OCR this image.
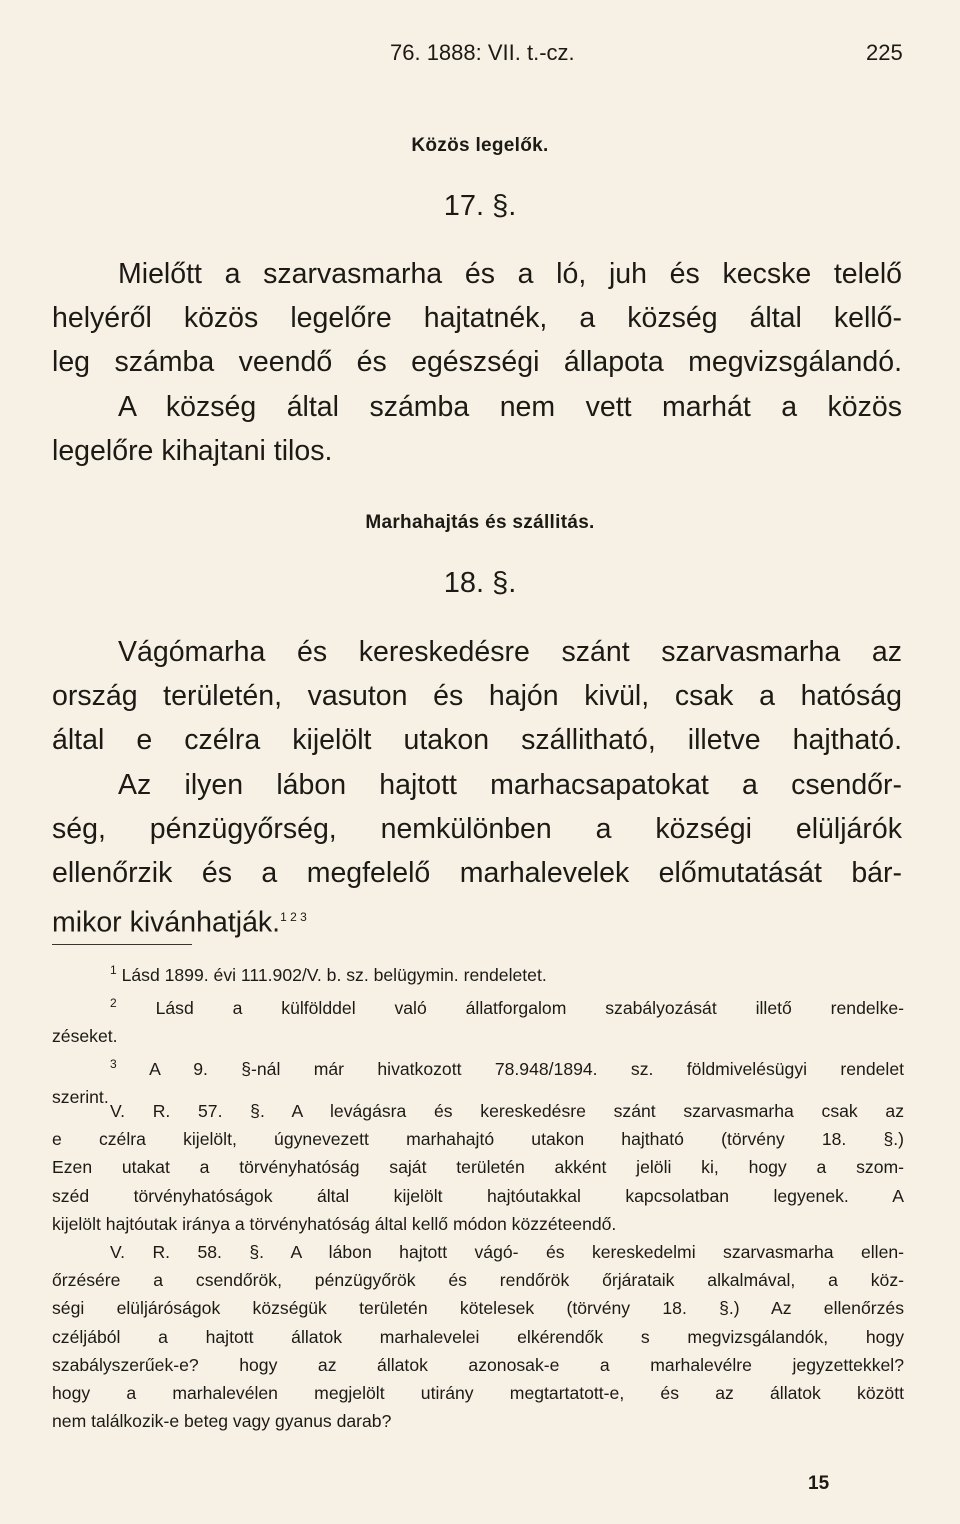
76. 1888: VII. t.-cz.	225
Közös legelők.
17. §.
Mielőtt a szarvasmarha és a ló, juh és kecske telelő
helyéről közös legelőre hajtatnék, a község által kellő-
leg számba veendő és egészségi állapota megvizsgálandó.
A község által számba nem vett marhát a közös
legelőre kihajtani tilos.
Marhahajtás és szállitás.
18. §.
Vágómarha és kereskedésre szánt szarvasmarha az
ország területén, vasuton és hajón kivül, csak a hatóság
által e czélra kijelölt utakon szállitható, illetve hajtható.
Az ilyen lábon hajtott marhacsapatokat a csendőr-
ség, pénzügyőrség, nemkülönben a községi elüljárók
ellenőrzik és a megfelelő marhalevelek előmutatását bár-
mikor kivánhatják.$^{1 2 3}$
$^1$ Lásd 1899. évi 111.902/V. b. sz. belügymin. rendeletet.
$^2$ Lásd a külfölddel való állatforgalom szabályozását illető rendelke-
zéseket.
$^3$ A 9. §-nál már hivatkozott 78.948/1894. sz. földmivelésügyi rendelet
szerint.
V. R. 57. §. A levágásra és kereskedésre szánt szarvasmarha csak az
e czélra kijelölt, úgynevezett marhahajtó utakon hajtható (törvény 18. §.)
Ezen utakat a törvényhatóság saját területén akként jelöli ki, hogy a szom-
széd törvényhatóságok által kijelölt hajtóutakkal kapcsolatban legyenek. A
kijelölt hajtóutak iránya a törvényhatóság által kellő módon közzéteendő.
V. R. 58. §. A lábon hajtott vágó- és kereskedelmi szarvasmarha ellen-
őrzésére a csendőrök, pénzügyőrök és rendőrök őrjárataik alkalmával, a köz-
ségi elüljáróságok községük területén kötelesek (törvény 18. §.) Az ellenőrzés
czéljából a hajtott állatok marhalevelei elkérendők s megvizsgálandók, hogy
szabályszerűek-e? hogy az állatok azonosak-e a marhalevélre jegyzettekkel?
hogy a marhalevélen megjelölt utirány megtartatott-e, és az állatok között
nem találkozik-e beteg vagy gyanus darab?
15
